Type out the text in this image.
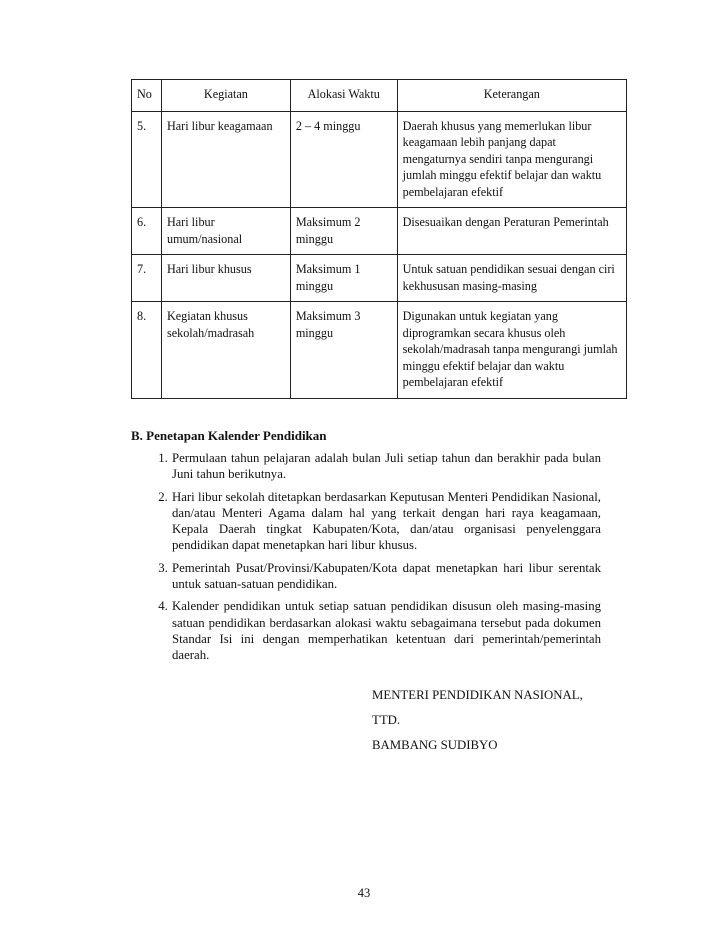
No	Kegiatan	Alokasi Waktu	Keterangan
5.	Hari libur keagamaan	2 – 4 minggu	Daerah khusus yang memerlukan libur keagamaan lebih panjang dapat mengaturnya sendiri tanpa mengurangi jumlah minggu efektif belajar dan waktu pembelajaran efektif
6.	Hari libur umum/nasional	Maksimum 2 minggu	Disesuaikan dengan Peraturan Pemerintah
7.	Hari libur khusus	Maksimum 1 minggu	Untuk satuan pendidikan sesuai dengan ciri kekhususan masing-masing
8.	Kegiatan khusus sekolah/madrasah	Maksimum 3 minggu	Digunakan untuk kegiatan yang diprogramkan secara khusus oleh sekolah/madrasah tanpa mengurangi jumlah minggu efektif belajar dan waktu pembelajaran efektif
B. Penetapan Kalender Pendidikan
1. Permulaan tahun pelajaran adalah bulan Juli setiap tahun dan berakhir pada bulan Juni tahun berikutnya.
2. Hari libur sekolah ditetapkan berdasarkan Keputusan Menteri Pendidikan Nasional, dan/atau Menteri Agama dalam hal yang terkait dengan hari raya keagamaan, Kepala Daerah tingkat Kabupaten/Kota, dan/atau organisasi penyelenggara pendidikan dapat menetapkan hari libur khusus.
3. Pemerintah Pusat/Provinsi/Kabupaten/Kota dapat menetapkan hari libur serentak untuk satuan-satuan pendidikan.
4. Kalender pendidikan untuk setiap satuan pendidikan disusun oleh masing-masing satuan pendidikan berdasarkan alokasi waktu sebagaimana tersebut pada dokumen Standar Isi ini dengan memperhatikan ketentuan dari pemerintah/pemerintah daerah.
MENTERI PENDIDIKAN NASIONAL,
TTD.
BAMBANG SUDIBYO
43
